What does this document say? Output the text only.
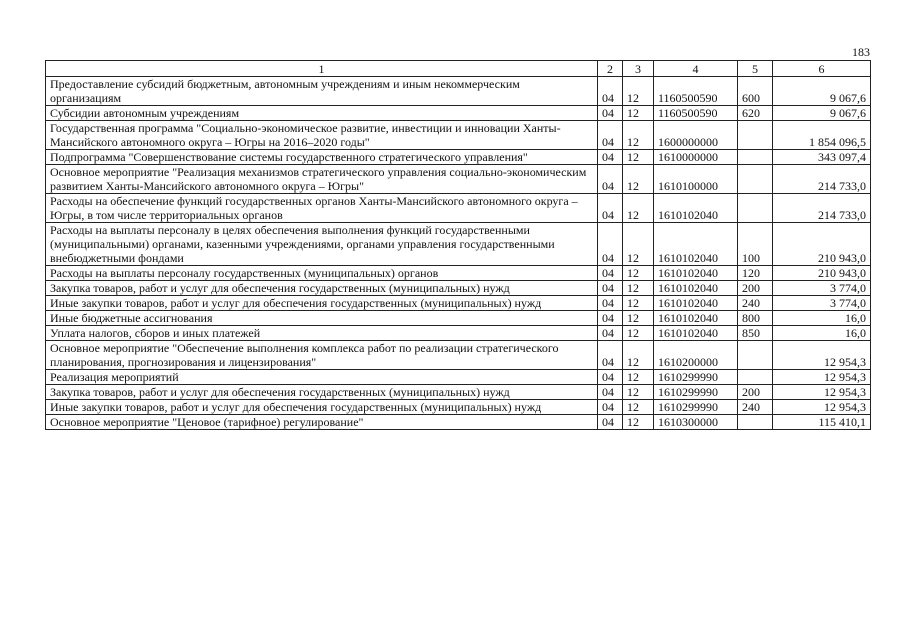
183
1	2	3	4	5	6
Предоставление субсидий бюджетным, автономным учреждениям и иным некоммерческим организациям	04	12	1160500590	600	9 067,6
Субсидии автономным учреждениям	04	12	1160500590	620	9 067,6
Государственная программа "Социально-экономическое развитие, инвестиции и инновации Ханты-Мансийского автономного округа – Югры на 2016–2020 годы"	04	12	1600000000		1 854 096,5
Подпрограмма "Совершенствование системы государственного стратегического управления"	04	12	1610000000		343 097,4
Основное мероприятие "Реализация механизмов стратегического управления социально-экономическим развитием Ханты-Мансийского автономного округа – Югры"	04	12	1610100000		214 733,0
Расходы на обеспечение функций государственных органов Ханты-Мансийского автономного округа – Югры, в том числе территориальных органов	04	12	1610102040		214 733,0
Расходы на выплаты персоналу в целях обеспечения выполнения функций государственными (муниципальными) органами, казенными учреждениями, органами управления государственными внебюджетными фондами	04	12	1610102040	100	210 943,0
Расходы на выплаты персоналу государственных (муниципальных) органов	04	12	1610102040	120	210 943,0
Закупка товаров, работ и услуг для обеспечения государственных (муниципальных) нужд	04	12	1610102040	200	3 774,0
Иные закупки товаров, работ и услуг для обеспечения государственных (муниципальных) нужд	04	12	1610102040	240	3 774,0
Иные бюджетные ассигнования	04	12	1610102040	800	16,0
Уплата налогов, сборов и иных платежей	04	12	1610102040	850	16,0
Основное мероприятие "Обеспечение выполнения комплекса работ по реализации стратегического планирования, прогнозирования и лицензирования"	04	12	1610200000		12 954,3
Реализация мероприятий	04	12	1610299990		12 954,3
Закупка товаров, работ и услуг для обеспечения государственных (муниципальных) нужд	04	12	1610299990	200	12 954,3
Иные закупки товаров, работ и услуг для обеспечения государственных (муниципальных) нужд	04	12	1610299990	240	12 954,3
Основное мероприятие "Ценовое (тарифное) регулирование"	04	12	1610300000		115 410,1
